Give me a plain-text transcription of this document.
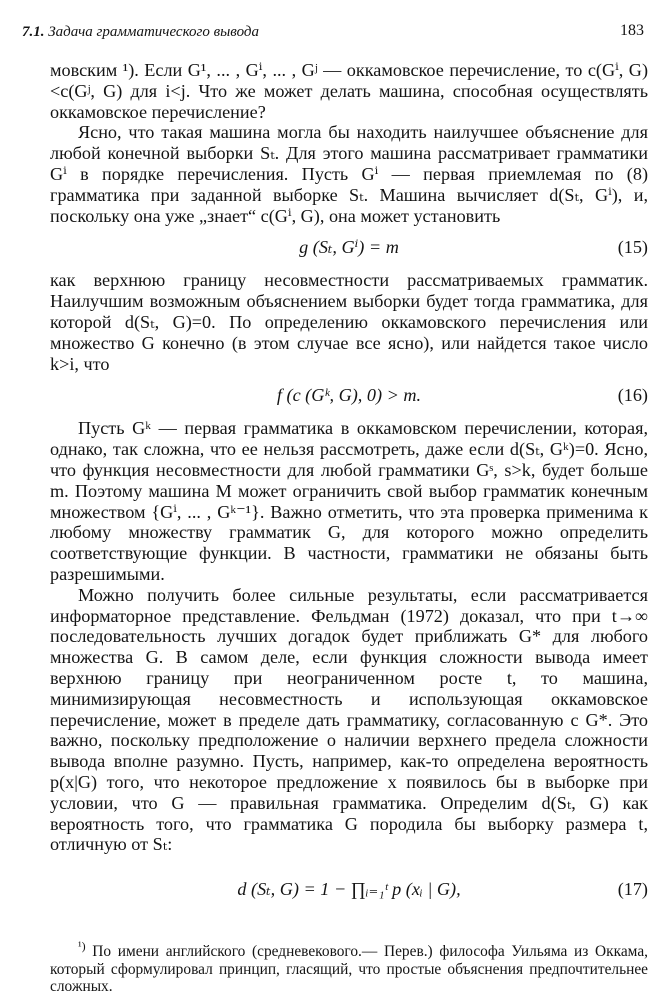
7.1. Задача грамматического вывода	183

мовским ¹). Если G¹, ... , Gⁱ, ... , Gʲ — оккамовское перечисление, то c(Gⁱ, G)<c(Gʲ, G) для i<j. Что же может делать машина, способная осуществлять оккамовское перечисление?

Ясно, что такая машина могла бы находить наилучшее объяснение для любой конечной выборки Sₜ. Для этого машина рассматривает грамматики Gⁱ в порядке перечисления. Пусть Gⁱ — первая приемлемая по (8) грамматика при заданной выборке Sₜ. Машина вычисляет d(Sₜ, Gⁱ), и, поскольку она уже „знает“ c(Gⁱ, G), она может установить

g (Sₜ, Gⁱ) = m	(15)

как верхнюю границу несовместности рассматриваемых грамматик. Наилучшим возможным объяснением выборки будет тогда грамматика, для которой d(Sₜ, G)=0. По определению оккамовского перечисления или множество G конечно (в этом случае все ясно), или найдется такое число k>i, что

f (c (Gᵏ, G), 0) > m.	(16)

Пусть Gᵏ — первая грамматика в оккамовском перечислении, которая, однако, так сложна, что ее нельзя рассмотреть, даже если d(Sₜ, Gᵏ)=0. Ясно, что функция несовместности для любой грамматики Gˢ, s>k, будет больше m. Поэтому машина M может ограничить свой выбор грамматик конечным множеством {Gⁱ, ... , Gᵏ⁻¹}. Важно отметить, что эта проверка применима к любому множеству грамматик G, для которого можно определить соответствующие функции. В частности, грамматики не обязаны быть разрешимыми.

Можно получить более сильные результаты, если рассматривается информаторное представление. Фельдман (1972) доказал, что при t→∞ последовательность лучших догадок будет приближать G* для любого множества G. В самом деле, если функция сложности вывода имеет верхнюю границу при неограниченном росте t, то машина, минимизирующая несовместность и использующая оккамовское перечисление, может в пределе дать грамматику, согласованную с G*. Это важно, поскольку предположение о наличии верхнего предела сложности вывода вполне разумно. Пусть, например, как-то определена вероятность p(x|G) того, что некоторое предложение x появилось бы в выборке при условии, что G — правильная грамматика. Определим d(Sₜ, G) как вероятность того, что грамматика G породила бы выборку размера t, отличную от Sₜ:

d (Sₜ, G) = 1 − ∏ᵢ₌₁ᵗ p (xᵢ | G),	(17)

$^{^1)}$ По имени английского (средневекового.— Перев.) философа Уильяма из Оккама, который сформулировал принцип, гласящий, что простые объяснения предпочтительнее сложных.
